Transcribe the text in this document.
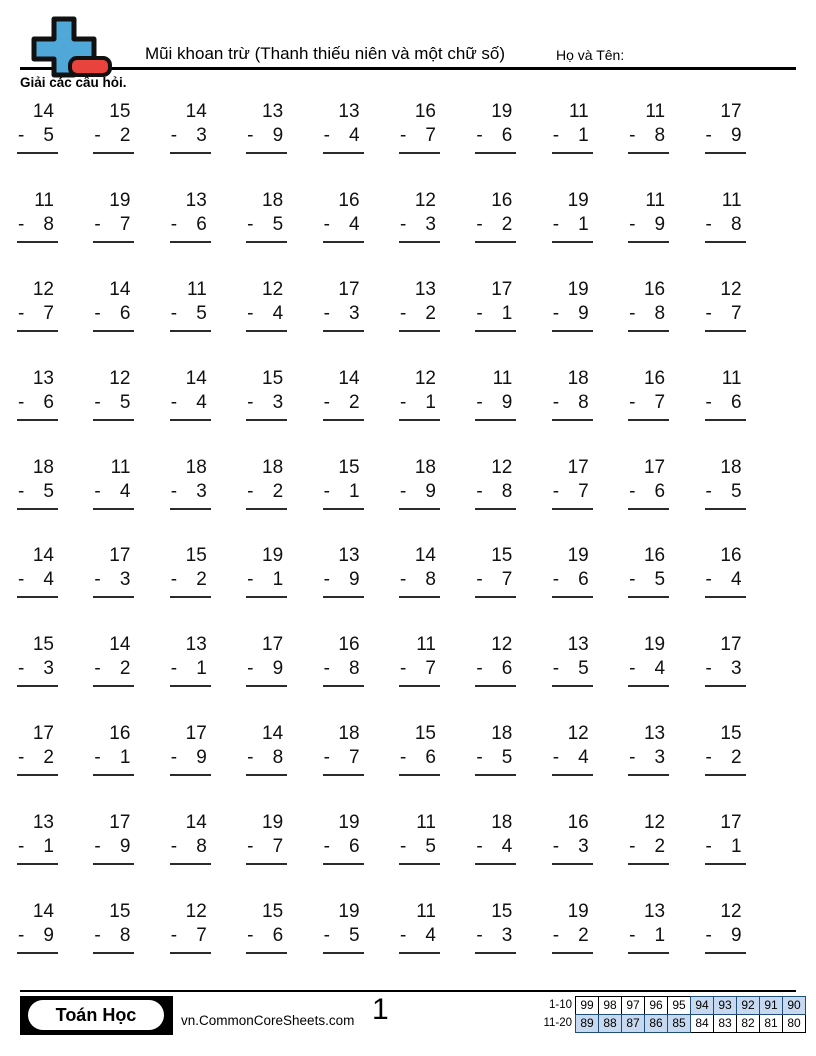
Mũi khoan trừ (Thanh thiếu niên và một chữ số)	Họ và Tên:
Giải các câu hỏi.
14
- 5
15
- 2
14
- 3
13
- 9
13
- 4
16
- 7
19
- 6
11
- 1
11
- 8
17
- 9
11
- 8
19
- 7
13
- 6
18
- 5
16
- 4
12
- 3
16
- 2
19
- 1
11
- 9
11
- 8
12
- 7
14
- 6
11
- 5
12
- 4
17
- 3
13
- 2
17
- 1
19
- 9
16
- 8
12
- 7
13
- 6
12
- 5
14
- 4
15
- 3
14
- 2
12
- 1
11
- 9
18
- 8
16
- 7
11
- 6
18
- 5
11
- 4
18
- 3
18
- 2
15
- 1
18
- 9
12
- 8
17
- 7
17
- 6
18
- 5
14
- 4
17
- 3
15
- 2
19
- 1
13
- 9
14
- 8
15
- 7
19
- 6
16
- 5
16
- 4
15
- 3
14
- 2
13
- 1
17
- 9
16
- 8
11
- 7
12
- 6
13
- 5
19
- 4
17
- 3
17
- 2
16
- 1
17
- 9
14
- 8
18
- 7
15
- 6
18
- 5
12
- 4
13
- 3
15
- 2
13
- 1
17
- 9
14
- 8
19
- 7
19
- 6
11
- 5
18
- 4
16
- 3
12
- 2
17
- 1
14
- 9
15
- 8
12
- 7
15
- 6
19
- 5
11
- 4
15
- 3
19
- 2
13
- 1
12
- 9
Toán Học	vn.CommonCoreSheets.com 1	1-10 99 98 97 96 95 94 93 92 91 90
11-20 89 88 87 86 85 84 83 82 81 80
